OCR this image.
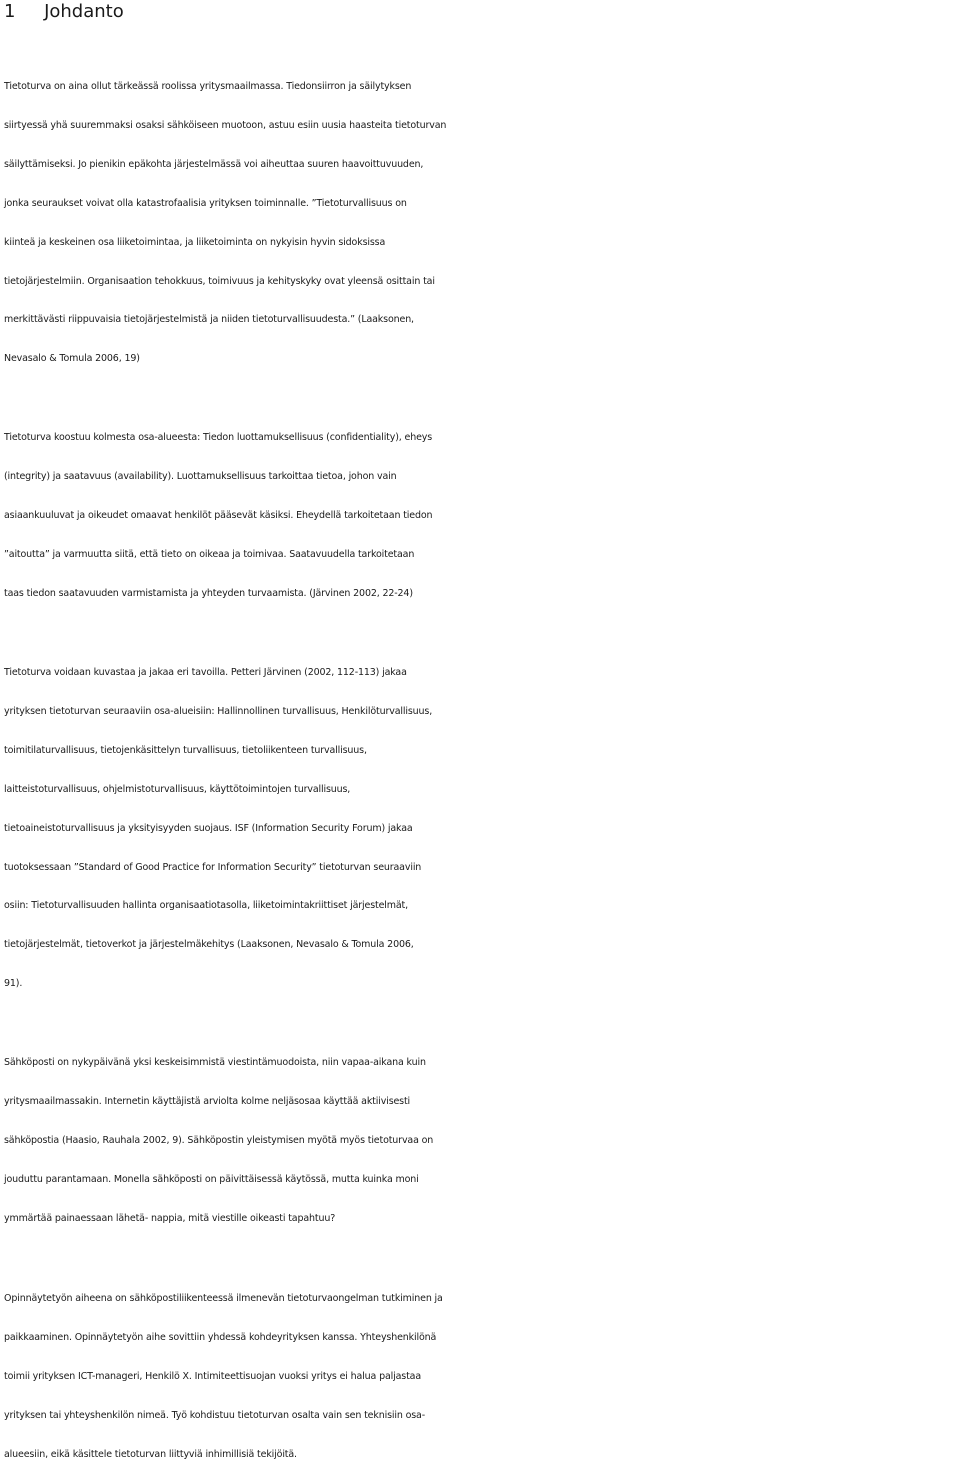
1 Johdanto
Tietoturva on aina ollut tärkeässä roolissa yritysmaailmassa. Tiedonsiirron ja säilytyksen
siirtyessä yhä suuremmaksi osaksi sähköiseen muotoon, astuu esiin uusia haasteita tietoturvan
säilyttämiseksi. Jo pienikin epäkohta järjestelmässä voi aiheuttaa suuren haavoittuvuuden,
jonka seuraukset voivat olla katastrofaalisia yrityksen toiminnalle. ”Tietoturvallisuus on
kiinteä ja keskeinen osa liiketoimintaa, ja liiketoiminta on nykyisin hyvin sidoksissa
tietojärjestelmiin. Organisaation tehokkuus, toimivuus ja kehityskyky ovat yleensä osittain tai
merkittävästi riippuvaisia tietojärjestelmistä ja niiden tietoturvallisuudesta.” (Laaksonen,
Nevasalo & Tomula 2006, 19)
Tietoturva koostuu kolmesta osa-alueesta: Tiedon luottamuksellisuus (confidentiality), eheys
(integrity) ja saatavuus (availability). Luottamuksellisuus tarkoittaa tietoa, johon vain
asiaankuuluvat ja oikeudet omaavat henkilöt pääsevät käsiksi. Eheydellä tarkoitetaan tiedon
”aitoutta” ja varmuutta siitä, että tieto on oikeaa ja toimivaa. Saatavuudella tarkoitetaan
taas tiedon saatavuuden varmistamista ja yhteyden turvaamista. (Järvinen 2002, 22-24)
Tietoturva voidaan kuvastaa ja jakaa eri tavoilla. Petteri Järvinen (2002, 112-113) jakaa
yrityksen tietoturvan seuraaviin osa-alueisiin: Hallinnollinen turvallisuus, Henkilöturvallisuus,
toimitilaturvallisuus, tietojenkäsittelyn turvallisuus, tietoliikenteen turvallisuus,
laitteistoturvallisuus, ohjelmistoturvallisuus, käyttötoimintojen turvallisuus,
tietoaineistoturvallisuus ja yksityisyyden suojaus. ISF (Information Security Forum) jakaa
tuotoksessaan ”Standard of Good Practice for Information Security” tietoturvan seuraaviin
osiin: Tietoturvallisuuden hallinta organisaatiotasolla, liiketoimintakriittiset järjestelmät,
tietojärjestelmät, tietoverkot ja järjestelmäkehitys (Laaksonen, Nevasalo & Tomula 2006,
91).
Sähköposti on nykypäivänä yksi keskeisimmistä viestintämuodoista, niin vapaa-aikana kuin
yritysmaailmassakin. Internetin käyttäjistä arviolta kolme neljäsosaa käyttää aktiivisesti
sähköpostia (Haasio, Rauhala 2002, 9). Sähköpostin yleistymisen myötä myös tietoturvaa on
jouduttu parantamaan. Monella sähköposti on päivittäisessä käytössä, mutta kuinka moni
ymmärtää painaessaan lähetä- nappia, mitä viestille oikeasti tapahtuu?
Opinnäytetyön aiheena on sähköpostiliikenteessä ilmenevän tietoturvaongelman tutkiminen ja
paikkaaminen. Opinnäytetyön aihe sovittiin yhdessä kohdeyrityksen kanssa. Yhteyshenkilönä
toimii yrityksen ICT-manageri, Henkilö X. Intimiteettisuojan vuoksi yritys ei halua paljastaa
yrityksen tai yhteyshenkilön nimeä. Työ kohdistuu tietoturvan osalta vain sen teknisiin osa-
alueesiin, eikä käsittele tietoturvan liittyviä inhimillisiä tekijöitä.
